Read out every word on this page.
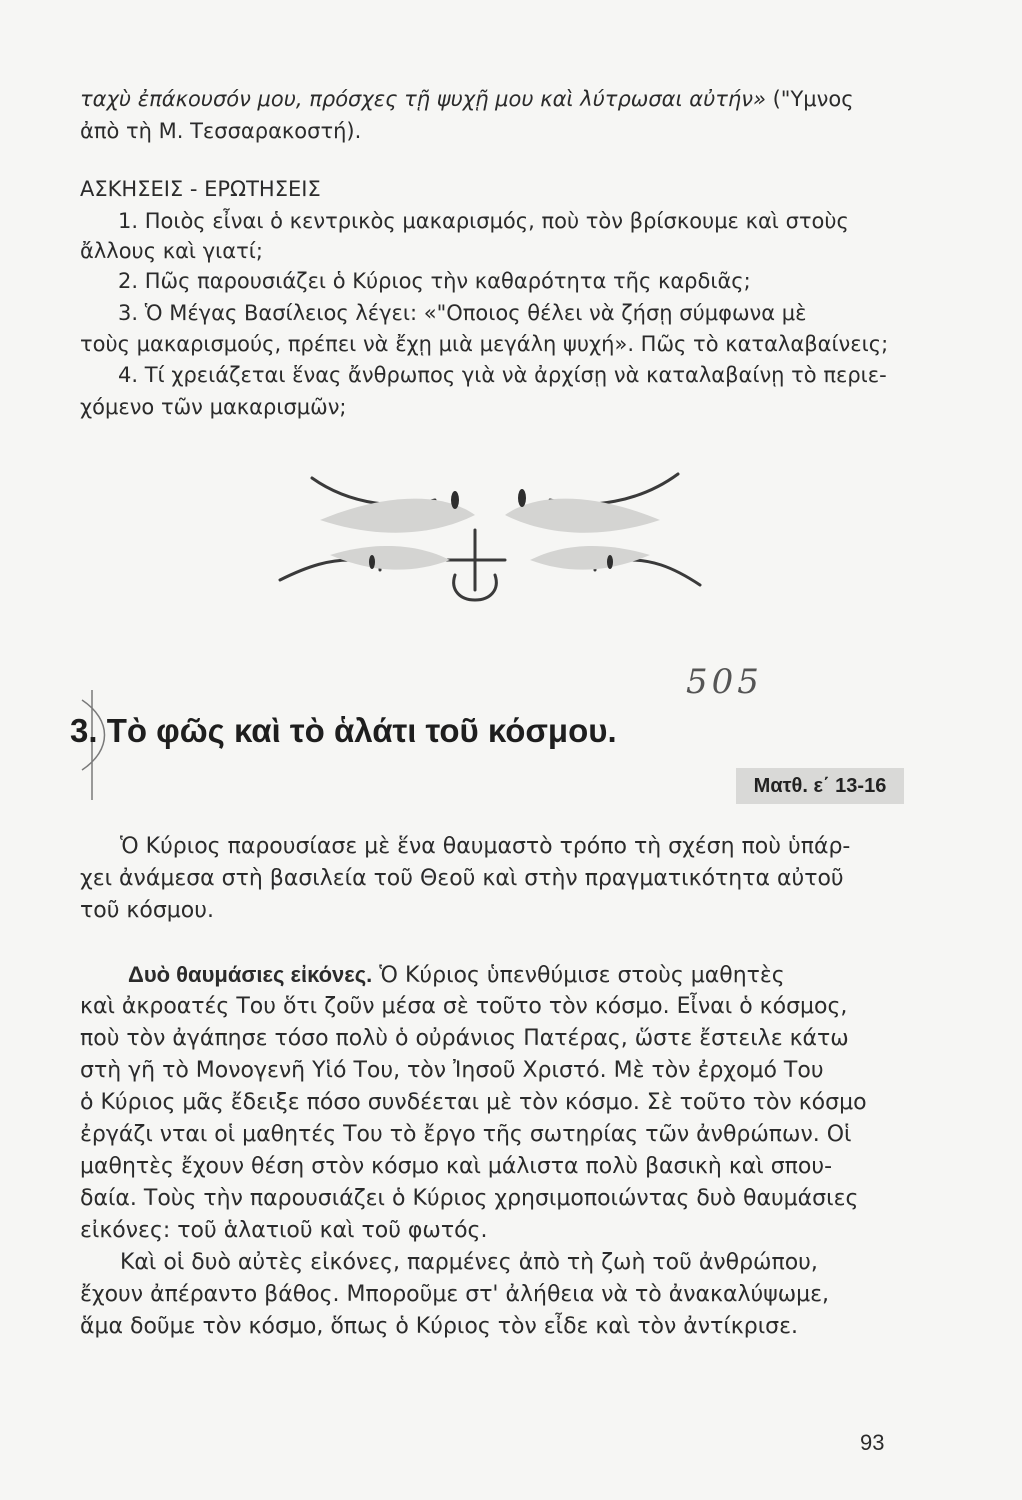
ταχὺ ἐπάκουσόν μου, πρόσχες τῇ ψυχῇ μου καὶ λύτρωσαι αὐτήν» ("Υμνος
ἀπὸ τὴ Μ. Τεσσαρακοστή).
ΑΣΚΗΣΕΙΣ - ΕΡΩΤΗΣΕΙΣ
1. Ποιὸς εἶναι ὁ κεντρικὸς μακαρισμός, ποὺ τὸν βρίσκουμε καὶ στοὺς
ἄλλους καὶ γιατί;
2. Πῶς παρουσιάζει ὁ Κύριος τὴν καθαρότητα τῆς καρδιᾶς;
3. Ὁ Μέγας Βασίλειος λέγει: «"Οποιος θέλει νὰ ζήσῃ σύμφωνα μὲ
τοὺς μακαρισμούς, πρέπει νὰ ἔχῃ μιὰ μεγάλη ψυχή». Πῶς τὸ καταλαβαίνεις;
4. Τί χρειάζεται ἕνας ἄνθρωπος γιὰ νὰ ἀρχίσῃ νὰ καταλαβαίνῃ τὸ περιε-
χόμενο τῶν μακαρισμῶν;
505
3. Τὸ φῶς καὶ τὸ ἁλάτι τοῦ κόσμου.
Ματθ. ε΄ 13-16
Ὁ Κύριος παρουσίασε μὲ ἕνα θαυμαστὸ τρόπο τὴ σχέση ποὺ ὑπάρ-
χει ἀνάμεσα στὴ βασιλεία τοῦ Θεοῦ καὶ στὴν πραγματικότητα αὐτοῦ
τοῦ κόσμου.
Δυὸ θαυμάσιες εἰκόνες. Ὁ Κύριος ὑπενθύμισε στοὺς μαθητὲς
καὶ ἀκροατές Του ὅτι ζοῦν μέσα σὲ τοῦτο τὸν κόσμο. Εἶναι ὁ κόσμος,
ποὺ τὸν ἀγάπησε τόσο πολὺ ὁ οὐράνιος Πατέρας, ὥστε ἔστειλε κάτω
στὴ γῆ τὸ Μονογενῆ Υἱό Του, τὸν Ἰησοῦ Χριστό. Μὲ τὸν ἐρχομό Του
ὁ Κύριος μᾶς ἔδειξε πόσο συνδέεται μὲ τὸν κόσμο. Σὲ τοῦτο τὸν κόσμο
ἐργάζι νται οἱ μαθητές Του τὸ ἔργο τῆς σωτηρίας τῶν ἀνθρώπων. Οἱ
μαθητὲς ἔχουν θέση στὸν κόσμο καὶ μάλιστα πολὺ βασικὴ καὶ σπου-
δαία. Τοὺς τὴν παρουσιάζει ὁ Κύριος χρησιμοποιώντας δυὸ θαυμάσιες
εἰκόνες: τοῦ ἁλατιοῦ καὶ τοῦ φωτός.
Καὶ οἱ δυὸ αὐτὲς εἰκόνες, παρμένες ἀπὸ τὴ ζωὴ τοῦ ἀνθρώπου,
ἔχουν ἀπέραντο βάθος. Μποροῦμε στ' ἀλήθεια νὰ τὸ ἀνακαλύψωμε,
ἅμα δοῦμε τὸν κόσμο, ὅπως ὁ Κύριος τὸν εἶδε καὶ τὸν ἀντίκρισε.
93
